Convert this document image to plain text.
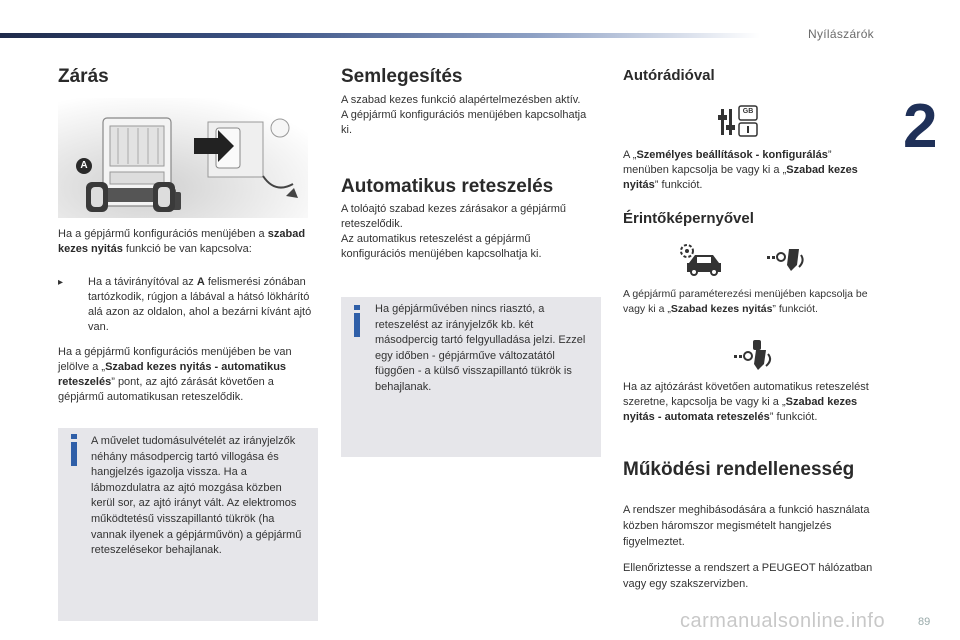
Nyílászárók
2
Zárás
A
Ha a gépjármű konfigurációs menüjében a szabad kezes nyitás funkció be van kapcsolva:
▸ Ha a távirányítóval az A felismerési zónában tartózkodik, rúgjon a lábával a hátsó lökhárító alá azon az oldalon, ahol a bezárni kívánt ajtó van.
Ha a gépjármű konfigurációs menüjében be van jelölve a „Szabad kezes nyitás - automatikus reteszelés” pont, az ajtó zárását követően a gépjármű automatikusan reteszelődik.
A művelet tudomásulvételét az irányjelzők néhány másodpercig tartó villogása és hangjelzés igazolja vissza. Ha a lábmozdulatra az ajtó mozgása közben kerül sor, az ajtó irányt vált. Az elektromos működtetésű visszapillantó tükrök (ha vannak ilyenek a gépjárművön) a gépjármű reteszelésekor behajlanak.
Semlegesítés
A szabad kezes funkció alapértelmezésben aktív.
A gépjármű konfigurációs menüjében kapcsolhatja ki.
Automatikus reteszelés
A tolóajtó szabad kezes zárásakor a gépjármű reteszelődik.
Az automatikus reteszelést a gépjármű konfigurációs menüjében kapcsolhatja ki.
Ha gépjárművében nincs riasztó, a reteszelést az irányjelzők kb. két másodpercig tartó felgyulladása jelzi. Ezzel egy időben - gépjárműve változatától függően - a külső visszapillantó tükrök is behajlanak.
Autórádióval
GB
A „Személyes beállítások - konfigurálás” menüben kapcsolja be vagy ki a „Szabad kezes nyitás” funkciót.
Érintőképernyővel
A gépjármű paraméterezési menüjében kapcsolja be vagy ki a „Szabad kezes nyitás” funkciót.
Ha az ajtózárást követően automatikus reteszelést szeretne, kapcsolja be vagy ki a „Szabad kezes nyitás - automata reteszelés” funkciót.
Működési rendellenesség
A rendszer meghibásodására a funkció használata közben háromszor megismételt hangjelzés figyelmeztet.
Ellenőriztesse a rendszert a PEUGEOT hálózatban vagy egy szakszervizben.
carmanualsonline.info	89
